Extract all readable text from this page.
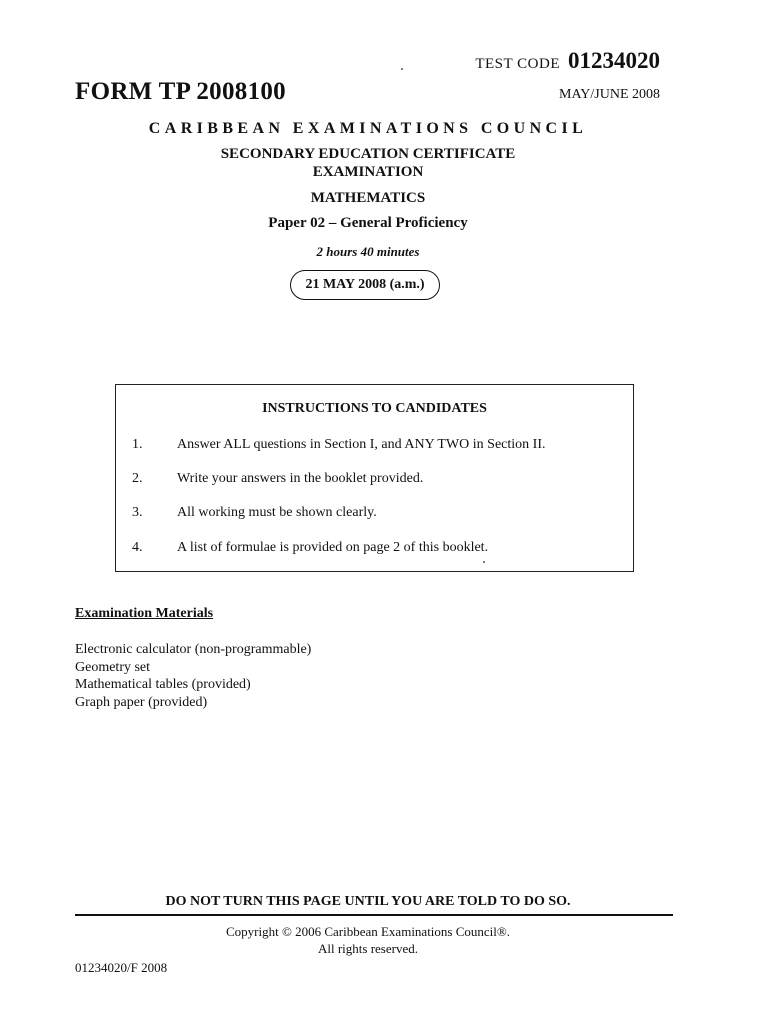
TEST CODE 01234020
FORM TP 2008100	MAY/JUNE 2008
CARIBBEAN EXAMINATIONS COUNCIL
SECONDARY EDUCATION CERTIFICATE
EXAMINATION
MATHEMATICS
Paper 02 – General Proficiency
2 hours 40 minutes
21 MAY 2008 (a.m.)
INSTRUCTIONS TO CANDIDATES
1. Answer ALL questions in Section I, and ANY TWO in Section II.
2. Write your answers in the booklet provided.
3. All working must be shown clearly.
4. A list of formulae is provided on page 2 of this booklet.
Examination Materials
Electronic calculator (non-programmable)
Geometry set
Mathematical tables (provided)
Graph paper (provided)
DO NOT TURN THIS PAGE UNTIL YOU ARE TOLD TO DO SO.
Copyright © 2006 Caribbean Examinations Council®.
All rights reserved.
01234020/F 2008
